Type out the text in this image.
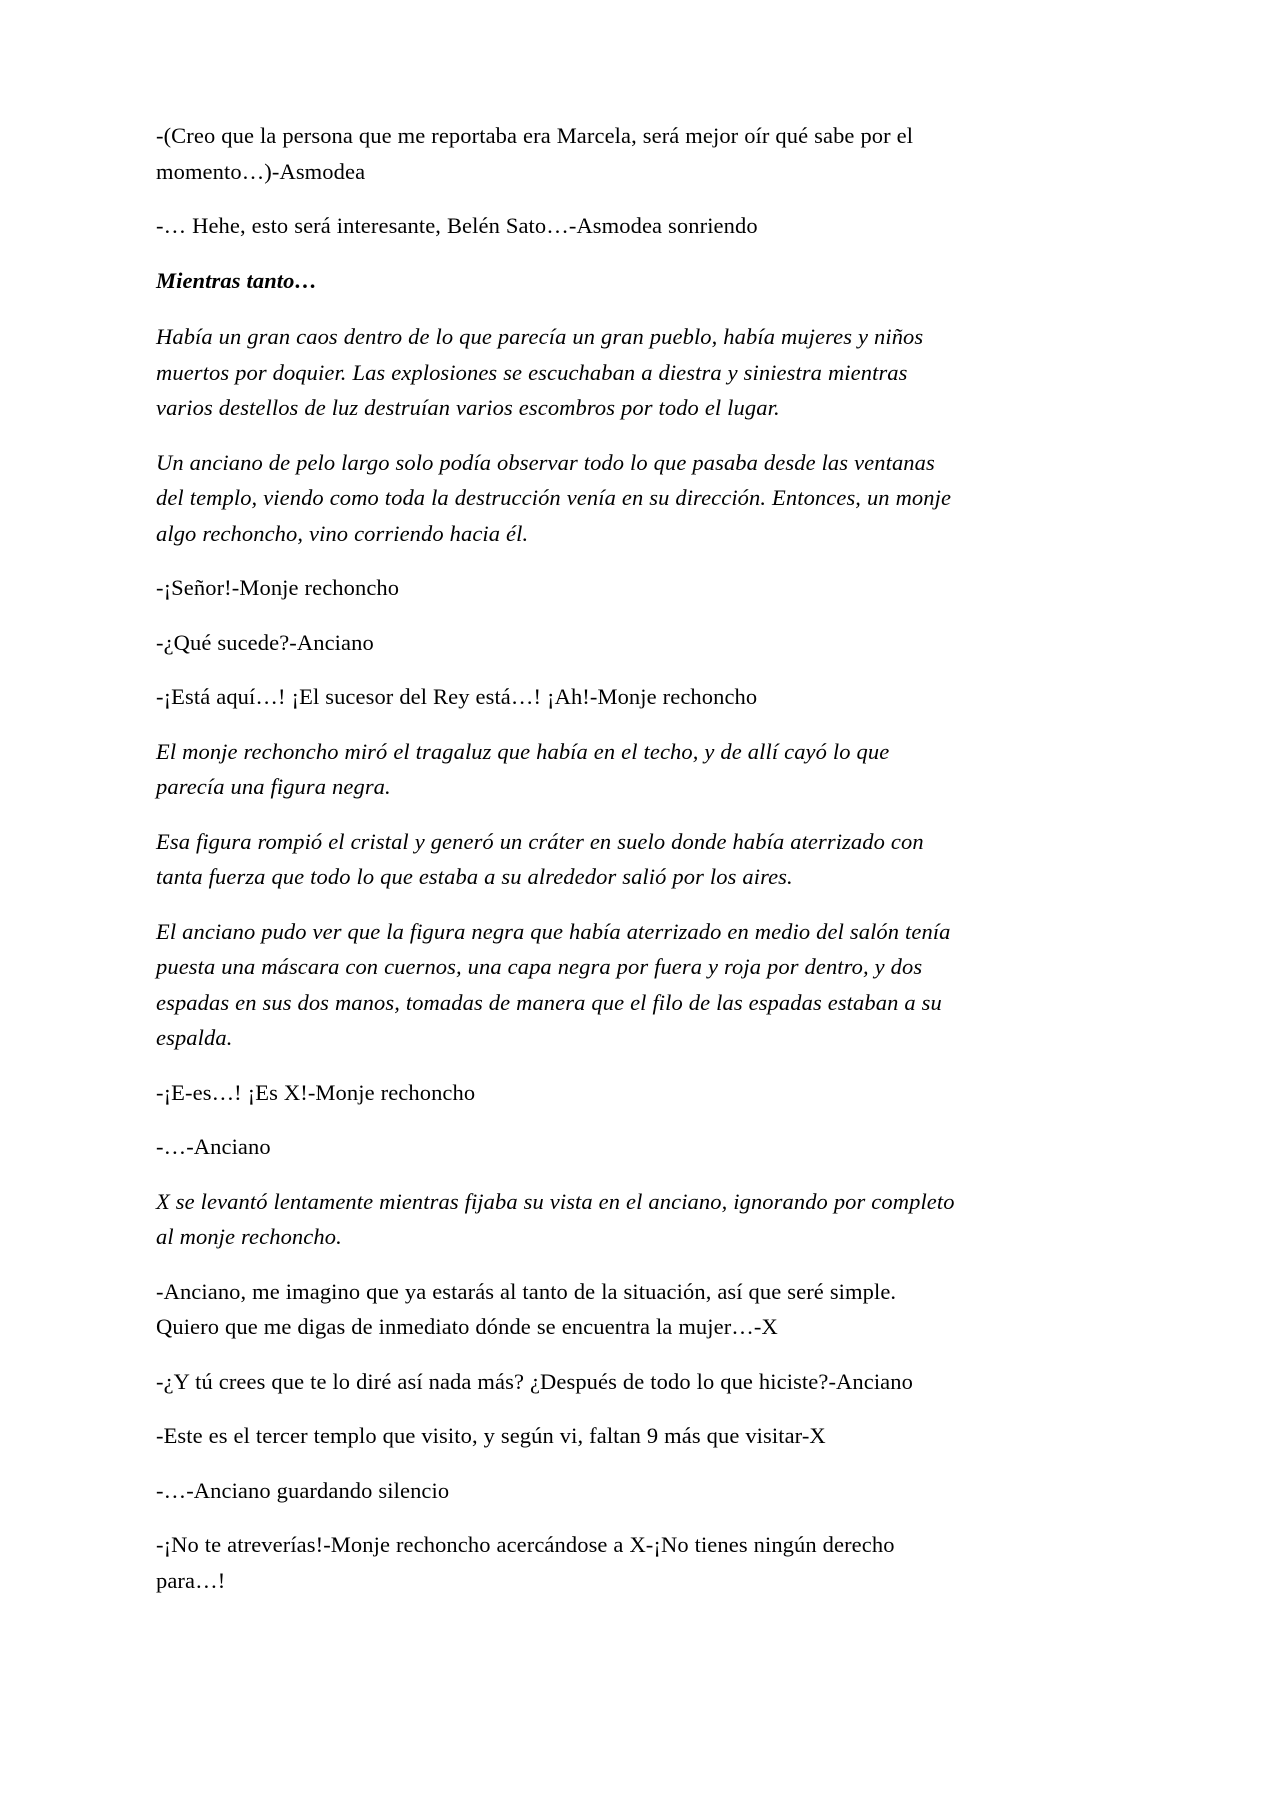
-(Creo que la persona que me reportaba era Marcela, será mejor oír qué sabe por el momento…)-Asmodea

-… Hehe, esto será interesante, Belén Sato…-Asmodea sonriendo

Mientras tanto…

Había un gran caos dentro de lo que parecía un gran pueblo, había mujeres y niños muertos por doquier. Las explosiones se escuchaban a diestra y siniestra mientras varios destellos de luz destruían varios escombros por todo el lugar.

Un anciano de pelo largo solo podía observar todo lo que pasaba desde las ventanas del templo, viendo como toda la destrucción venía en su dirección. Entonces, un monje algo rechoncho, vino corriendo hacia él.

-¡Señor!-Monje rechoncho

-¿Qué sucede?-Anciano

-¡Está aquí…! ¡El sucesor del Rey está…! ¡Ah!-Monje rechoncho

El monje rechoncho miró el tragaluz que había en el techo, y de allí cayó lo que parecía una figura negra.

Esa figura rompió el cristal y generó un cráter en suelo donde había aterrizado con tanta fuerza que todo lo que estaba a su alrededor salió por los aires.

El anciano pudo ver que la figura negra que había aterrizado en medio del salón tenía puesta una máscara con cuernos, una capa negra por fuera y roja por dentro, y dos espadas en sus dos manos, tomadas de manera que el filo de las espadas estaban a su espalda.

-¡E-es…! ¡Es X!-Monje rechoncho

-…-Anciano

X se levantó lentamente mientras fijaba su vista en el anciano, ignorando por completo al monje rechoncho.

-Anciano, me imagino que ya estarás al tanto de la situación, así que seré simple. Quiero que me digas de inmediato dónde se encuentra la mujer…-X

-¿Y tú crees que te lo diré así nada más? ¿Después de todo lo que hiciste?-Anciano

-Este es el tercer templo que visito, y según vi, faltan 9 más que visitar-X

-…-Anciano guardando silencio

-¡No te atreverías!-Monje rechoncho acercándose a X-¡No tienes ningún derecho para…!
